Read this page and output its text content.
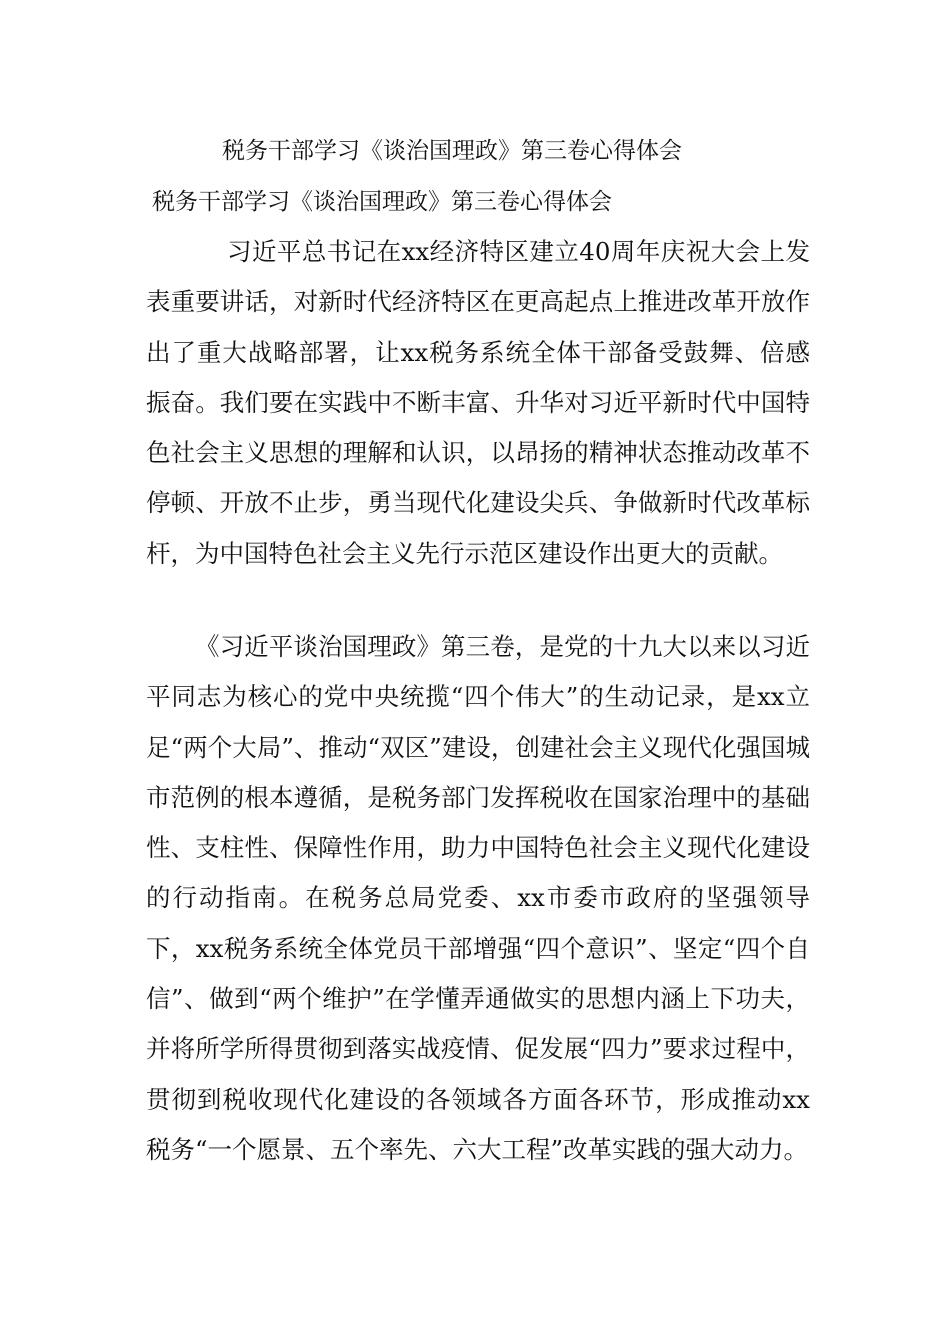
税务干部学习《谈治国理政》第三卷心得体会
税务干部学习《谈治国理政》第三卷心得体会

习近平总书记在xx经济特区建立40周年庆祝大会上发表重要讲话，对新时代经济特区在更高起点上推进改革开放作出了重大战略部署，让xx税务系统全体干部备受鼓舞、倍感振奋。我们要在实践中不断丰富、升华对习近平新时代中国特色社会主义思想的理解和认识，以昂扬的精神状态推动改革不停顿、开放不止步，勇当现代化建设尖兵、争做新时代改革标杆，为中国特色社会主义先行示范区建设作出更大的贡献。

《习近平谈治国理政》第三卷，是党的十九大以来以习近平同志为核心的党中央统揽“四个伟大”的生动记录，是xx立足“两个大局”、推动“双区”建设，创建社会主义现代化强国城市范例的根本遵循，是税务部门发挥税收在国家治理中的基础性、支柱性、保障性作用，助力中国特色社会主义现代化建设的行动指南。在税务总局党委、xx市委市政府的坚强领导下，xx税务系统全体党员干部增强“四个意识”、坚定“四个自信”、做到“两个维护”在学懂弄通做实的思想内涵上下功夫，并将所学所得贯彻到落实战疫情、促发展“四力”要求过程中，贯彻到税收现代化建设的各领域各方面各环节，形成推动xx税务“一个愿景、五个率先、六大工程”改革实践的强大动力。
